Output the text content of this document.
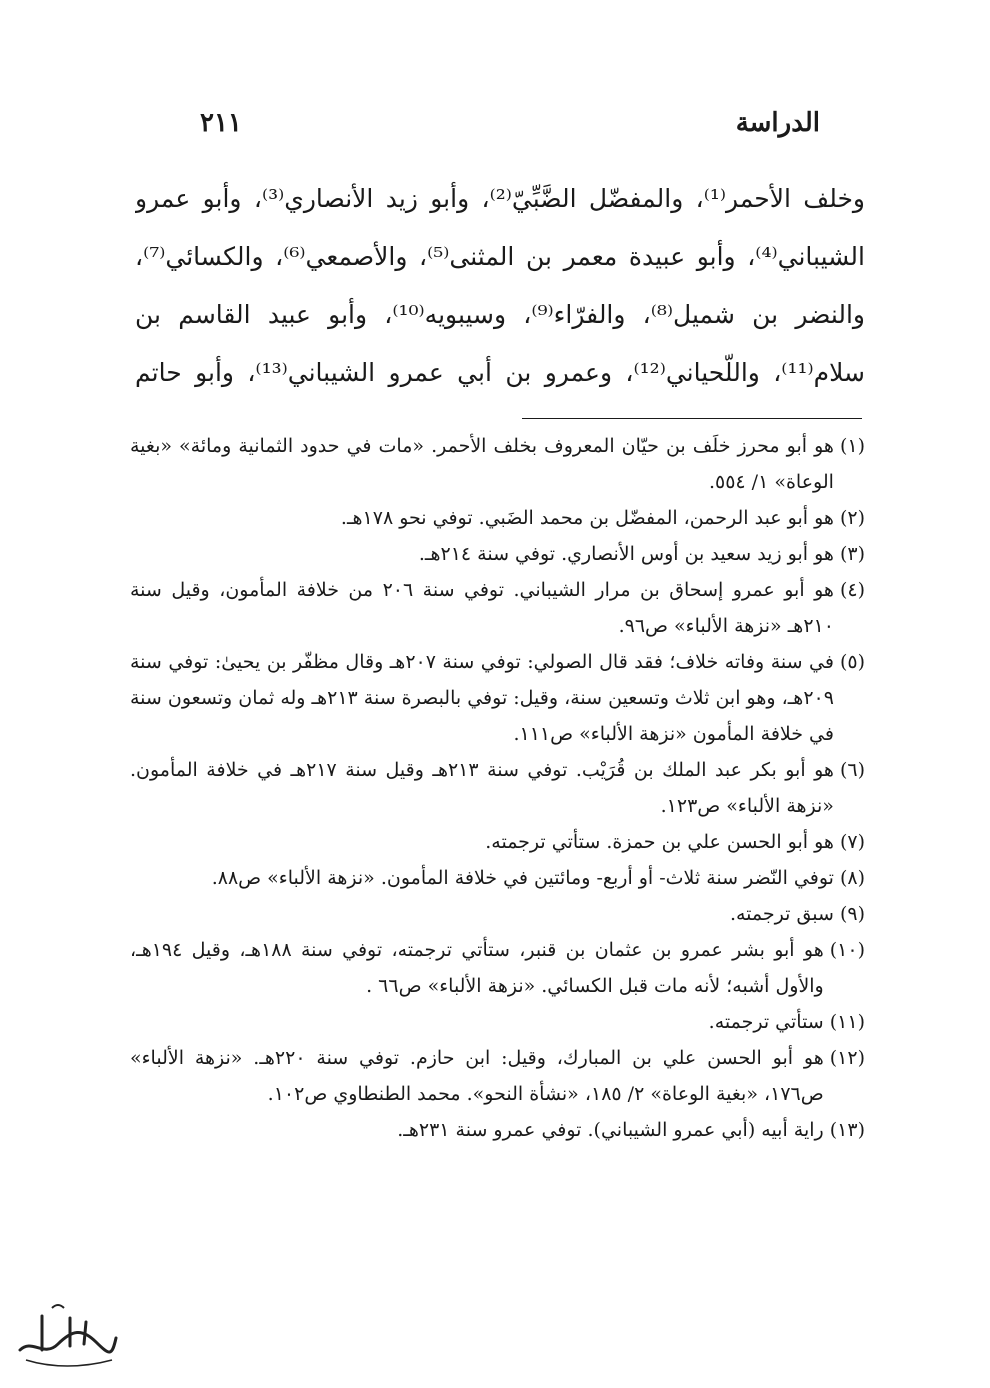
الدراسة
٢١١
وخلف الأحمر⁽¹⁾، والمفضّل الضَّبِّيّ⁽²⁾، وأبو زيد الأنصاري⁽³⁾، وأبو عمرو
الشيباني⁽⁴⁾، وأبو عبيدة معمر بن المثنى⁽⁵⁾، والأصمعي⁽⁶⁾، والكسائي⁽⁷⁾،
والنضر بن شميل⁽⁸⁾، والفرّاء⁽⁹⁾، وسيبويه⁽¹⁰⁾، وأبو عبيد القاسم بن
سلام⁽¹¹⁾، واللّحياني⁽¹²⁾، وعمرو بن أبي عمرو الشيباني⁽¹³⁾، وأبو حاتم
(١)
هو أبو محرز خلَف بن حيّان المعروف بخلف الأحمر. «مات في حدود الثمانية ومائة» «بغية الوعاة» ١/ ٥٥٤.
(٢)
هو أبو عبد الرحمن، المفضّل بن محمد الضَبي. توفي نحو ١٧٨هـ.
(٣)
هو أبو زيد سعيد بن أوس الأنصاري. توفي سنة ٢١٤هـ.
(٤)
هو أبو عمرو إسحاق بن مرار الشيباني. توفي سنة ٢٠٦ من خلافة المأمون، وقيل سنة ٢١٠هـ «نزهة الألباء» ص٩٦.
(٥)
في سنة وفاته خلاف؛ فقد قال الصولي: توفي سنة ٢٠٧هـ وقال مظفّر بن يحيىٰ: توفي سنة ٢٠٩هـ، وهو ابن ثلاث وتسعين سنة، وقيل: توفي بالبصرة سنة ٢١٣هـ وله ثمان وتسعون سنة في خلافة المأمون «نزهة الألباء» ص١١١.
(٦)
هو أبو بكر عبد الملك بن قُرَيْب. توفي سنة ٢١٣هـ وقيل سنة ٢١٧هـ في خلافة المأمون. «نزهة الألباء» ص١٢٣.
(٧)
هو أبو الحسن علي بن حمزة. ستأتي ترجمته.
(٨)
توفي النّضر سنة ثلاث- أو أربع- ومائتين في خلافة المأمون. «نزهة الألباء» ص٨٨.
(٩)
سبق ترجمته.
(١٠)
هو أبو بشر عمرو بن عثمان بن قنبر، ستأتي ترجمته، توفي سنة ١٨٨هـ، وقيل ١٩٤هـ، والأول أشبه؛ لأنه مات قبل الكسائي. «نزهة الألباء» ص٦٦ .
(١١)
ستأتي ترجمته.
(١٢)
هو أبو الحسن علي بن المبارك، وقيل: ابن حازم. توفي سنة ٢٢٠هـ. «نزهة الألباء» ص١٧٦، «بغية الوعاة» ٢/ ١٨٥، «نشأة النحو». محمد الطنطاوي ص١٠٢.
(١٣)
راية أبيه (أبي عمرو الشيباني). توفي عمرو سنة ٢٣١هـ.
